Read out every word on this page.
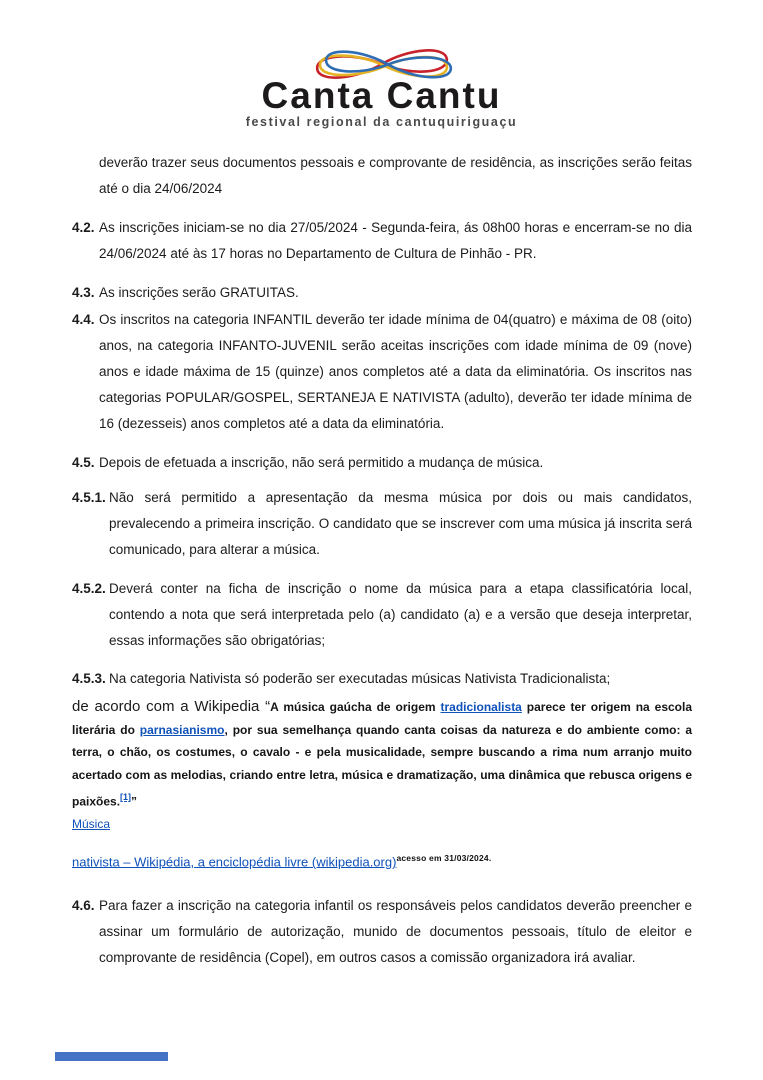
Canta Cantu
festival regional da cantuquiriguaçu

deverão trazer seus documentos pessoais e comprovante de residência, as inscrições serão feitas até o dia 24/06/2024

4.2. As inscrições iniciam-se no dia 27/05/2024 - Segunda-feira, ás 08h00 horas e encerram-se no dia 24/06/2024 até às 17 horas no Departamento de Cultura de Pinhão - PR.

4.3. As inscrições serão GRATUITAS.

4.4. Os inscritos na categoria INFANTIL deverão ter idade mínima de 04(quatro) e máxima de 08 (oito) anos, na categoria INFANTO-JUVENIL serão aceitas inscrições com idade mínima de 09 (nove) anos e idade máxima de 15 (quinze) anos completos até a data da eliminatória. Os inscritos nas categorias POPULAR/GOSPEL, SERTANEJA E NATIVISTA (adulto), deverão ter idade mínima de 16 (dezesseis) anos completos até a data da eliminatória.

4.5. Depois de efetuada a inscrição, não será permitido a mudança de música.

4.5.1. Não será permitido a apresentação da mesma música por dois ou mais candidatos, prevalecendo a primeira inscrição. O candidato que se inscrever com uma música já inscrita será comunicado, para alterar a música.

4.5.2. Deverá conter na ficha de inscrição o nome da música para a etapa classificatória local, contendo a nota que será interpretada pelo (a) candidato (a) e a versão que deseja interpretar, essas informações são obrigatórias;

4.5.3. Na categoria Nativista só poderão ser executadas músicas Nativista Tradicionalista;

de acordo com a Wikipedia “A música gaúcha de origem tradicionalista parece ter origem na escola literária do parnasianismo, por sua semelhança quando canta coisas da natureza e do ambiente como: a terra, o chão, os costumes, o cavalo - e pela musicalidade, sempre buscando a rima num arranjo muito acertado com as melodias, criando entre letra, música e dramatização, uma dinâmica que rebusca origens e paixões.[1]”

Música
nativista – Wikipédia, a enciclopédia livre (wikipedia.org)$^{acesso em 31/03/2024.}$

4.6. Para fazer a inscrição na categoria infantil os responsáveis pelos candidatos deverão preencher e assinar um formulário de autorização, munido de documentos pessoais, título de eleitor e comprovante de residência (Copel), em outros casos a comissão organizadora irá avaliar.
